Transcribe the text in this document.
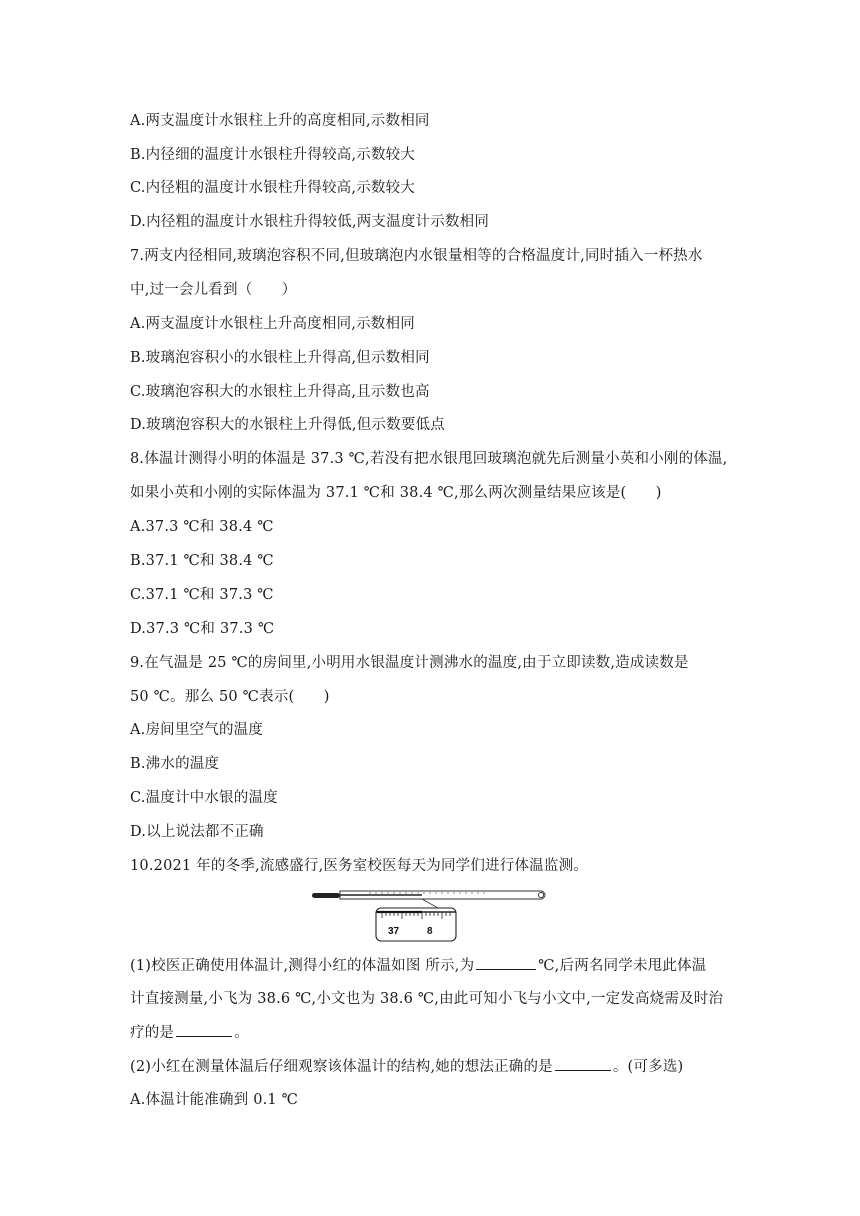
A.两支温度计水银柱上升的高度相同,示数相同
B.内径细的温度计水银柱升得较高,示数较大
C.内径粗的温度计水银柱升得较高,示数较大
D.内径粗的温度计水银柱升得较低,两支温度计示数相同
7.两支内径相同,玻璃泡容积不同,但玻璃泡内水银量相等的合格温度计,同时插入一杯热水
中,过一会儿看到（　　）
A.两支温度计水银柱上升高度相同,示数相同
B.玻璃泡容积小的水银柱上升得高,但示数相同
C.玻璃泡容积大的水银柱上升得高,且示数也高
D.玻璃泡容积大的水银柱上升得低,但示数要低点
8.体温计测得小明的体温是 37.3 ℃,若没有把水银甩回玻璃泡就先后测量小英和小刚的体温,
如果小英和小刚的实际体温为 37.1 ℃和 38.4 ℃,那么两次测量结果应该是(　　)
A.37.3 ℃和 38.4 ℃
B.37.1 ℃和 38.4 ℃
C.37.1 ℃和 37.3 ℃
D.37.3 ℃和 37.3 ℃
9.在气温是 25 ℃的房间里,小明用水银温度计测沸水的温度,由于立即读数,造成读数是
50 ℃。那么 50 ℃表示(　　)
A.房间里空气的温度
B.沸水的温度
C.温度计中水银的温度
D.以上说法都不正确
10.2021 年的冬季,流感盛行,医务室校医每天为同学们进行体温监测。
37	8
(1)校医正确使用体温计,测得小红的体温如图 所示,为	℃,后两名同学未甩此体温
计直接测量,小飞为 38.6 ℃,小文也为 38.6 ℃,由此可知小飞与小文中,一定发高烧需及时治
疗的是	。
(2)小红在测量体温后仔细观察该体温计的结构,她的想法正确的是	。(可多选)
A.体温计能准确到 0.1 ℃
